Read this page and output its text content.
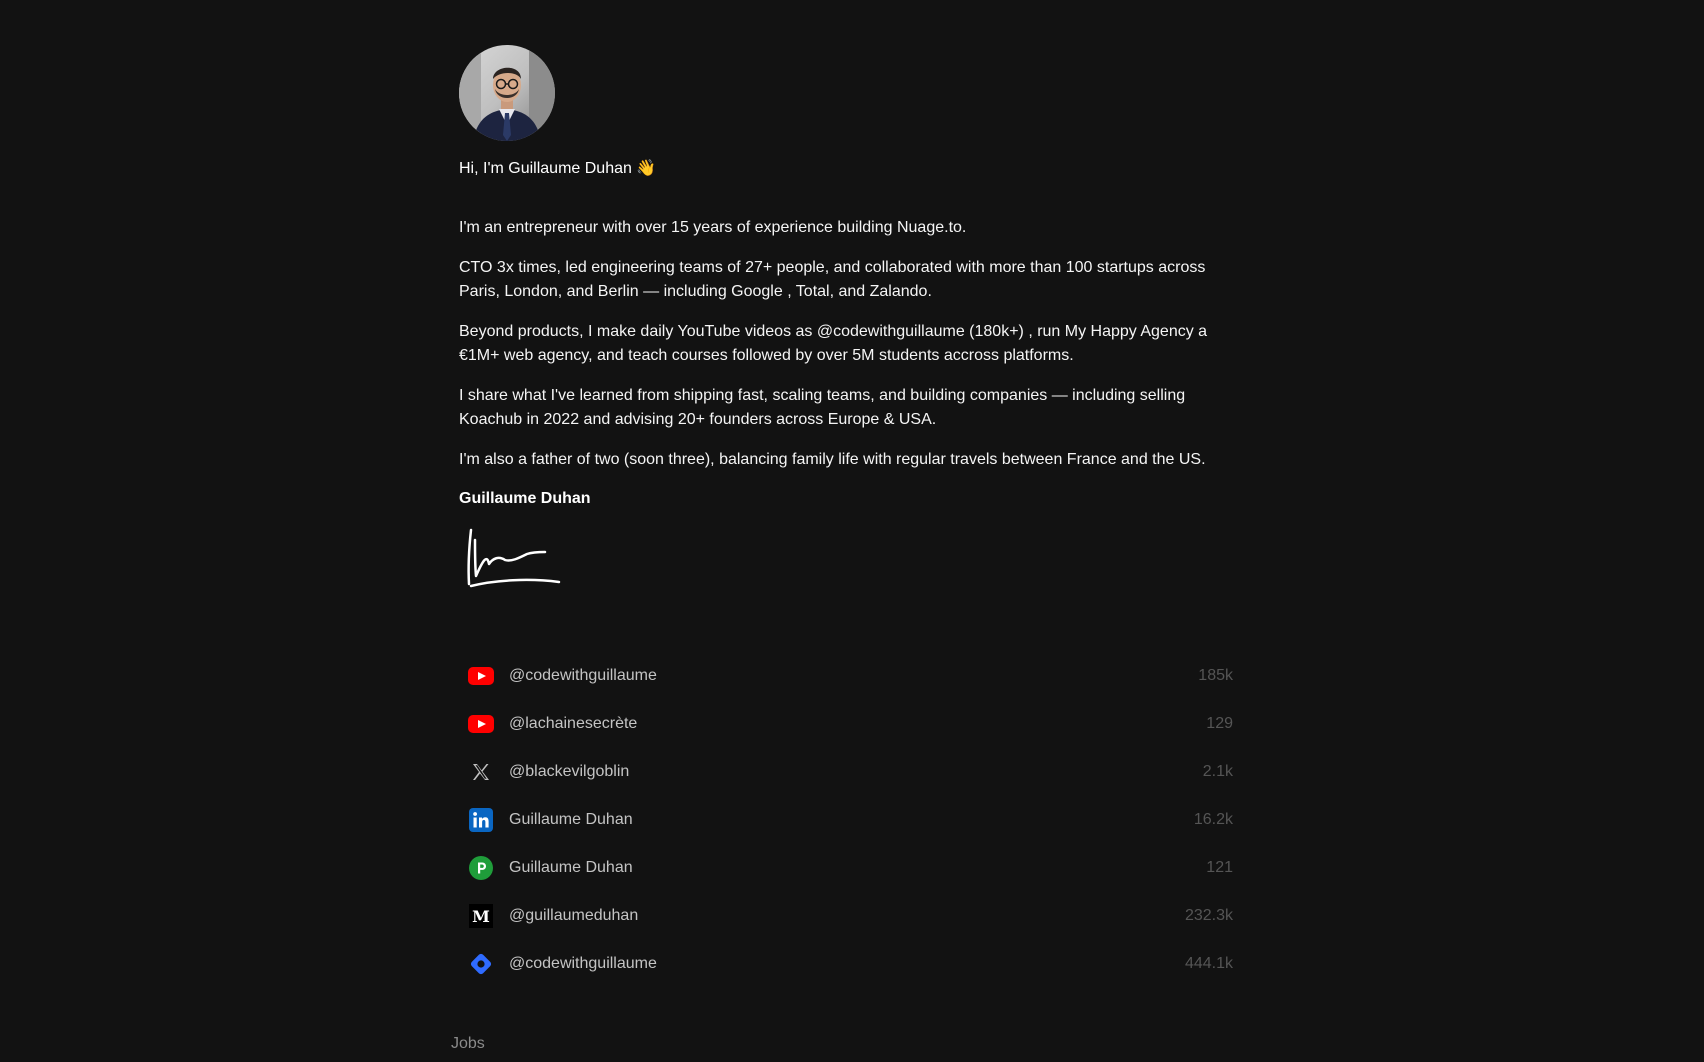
Hi, I'm Guillaume Duhan 👋

I'm an entrepreneur with over 15 years of experience building Nuage.to.

CTO 3x times, led engineering teams of 27+ people, and collaborated with more than 100 startups across Paris, London, and Berlin — including Google , Total, and Zalando.

Beyond products, I make daily YouTube videos as @codewithguillaume (180k+) , run My Happy Agency a €1M+ web agency, and teach courses followed by over 5M students accross platforms.

I share what I've learned from shipping fast, scaling teams, and building companies — including selling Koachub in 2022 and advising 20+ founders across Europe & USA.

I'm also a father of two (soon three), balancing family life with regular travels between France and the US.

Guillaume Duhan
@codewithguillaume	185k
@lachainesecrète	129
@blackevilgoblin	2.1k
Guillaume Duhan	16.2k
Guillaume Duhan	121
M @guillaumeduhan	232.3k
@codewithguillaume	444.1k
Jobs
